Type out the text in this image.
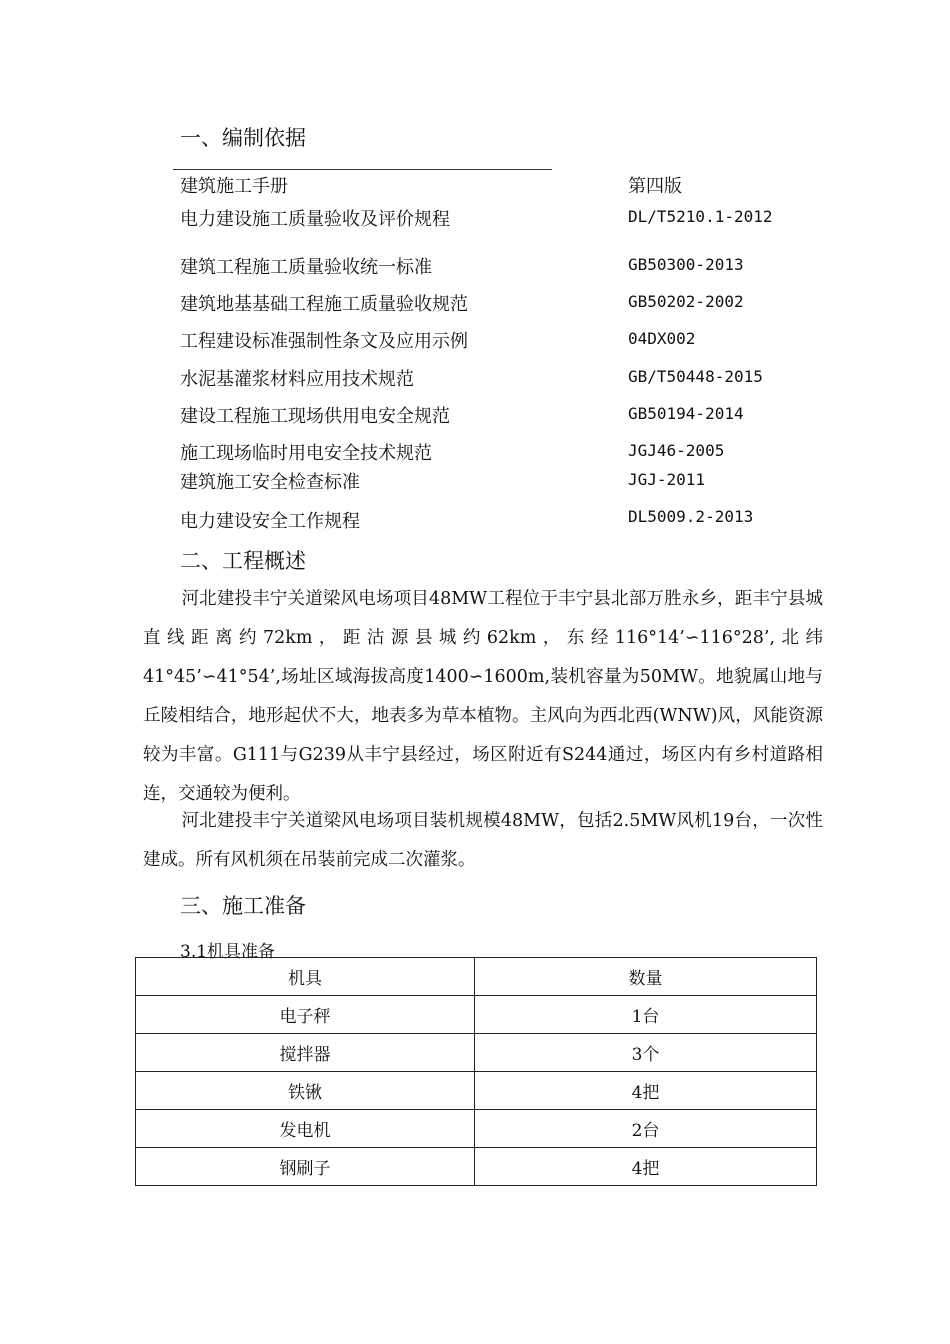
一、编制依据
建筑施工手册	第四版
电力建设施工质量验收及评价规程	DL/T5210.1-2012
建筑工程施工质量验收统一标准	GB50300-2013
建筑地基基础工程施工质量验收规范	GB50202-2002
工程建设标准强制性条文及应用示例	04DX002
水泥基灌浆材料应用技术规范	GB/T50448-2015
建设工程施工现场供用电安全规范	GB50194-2014
施工现场临时用电安全技术规范	JGJ46-2005
建筑施工安全检查标准	JGJ-2011
电力建设安全工作规程	DL5009.2-2013
二、工程概述
河北建投丰宁关道梁风电场项目48MW工程位于丰宁县北部万胜永乡，距丰宁县城直线距离约72km，距沽源县城约62km，东经116°14’∽116°28’,北纬41°45’∽41°54’,场址区域海拔高度1400∽1600m,装机容量为50MW。地貌属山地与丘陵相结合，地形起伏不大，地表多为草本植物。主风向为西北西(WNW)风，风能资源较为丰富。G111与G239从丰宁县经过，场区附近有S244通过，场区内有乡村道路相连，交通较为便利。
河北建投丰宁关道梁风电场项目装机规模48MW，包括2.5MW风机19台，一次性建成。所有风机须在吊装前完成二次灌浆。
三、施工准备
3.1机具准备
机具	数量
电子秤	1台
搅拌器	3个
铁锹	4把
发电机	2台
钢刷子	4把
